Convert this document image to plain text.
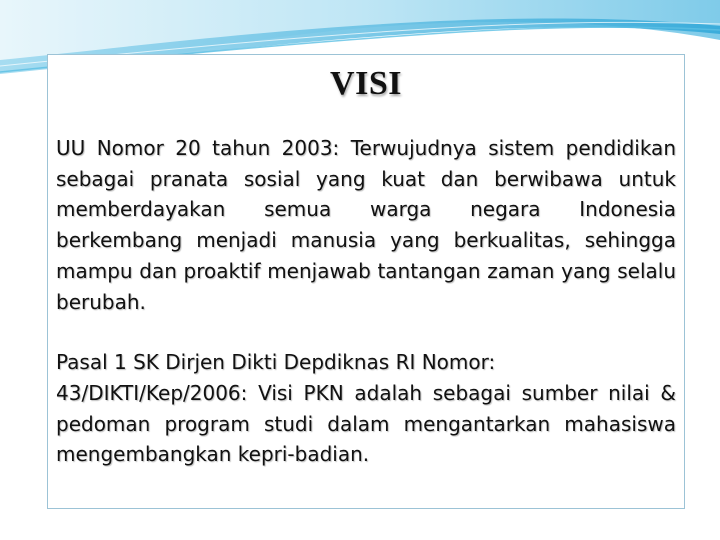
VISI

UU Nomor 20 tahun 2003: Terwujudnya sistem pendidikan sebagai pranata sosial yang kuat dan berwibawa untuk memberdayakan semua warga negara Indonesia berkembang menjadi manusia yang berkualitas, sehingga mampu dan proaktif menjawab tantangan zaman yang selalu berubah.

Pasal 1 SK Dirjen Dikti Depdiknas RI Nomor:
43/DIKTI/Kep/2006: Visi PKN adalah sebagai sumber nilai & pedoman program studi dalam mengantarkan mahasiswa mengembangkan kepri-badian.
